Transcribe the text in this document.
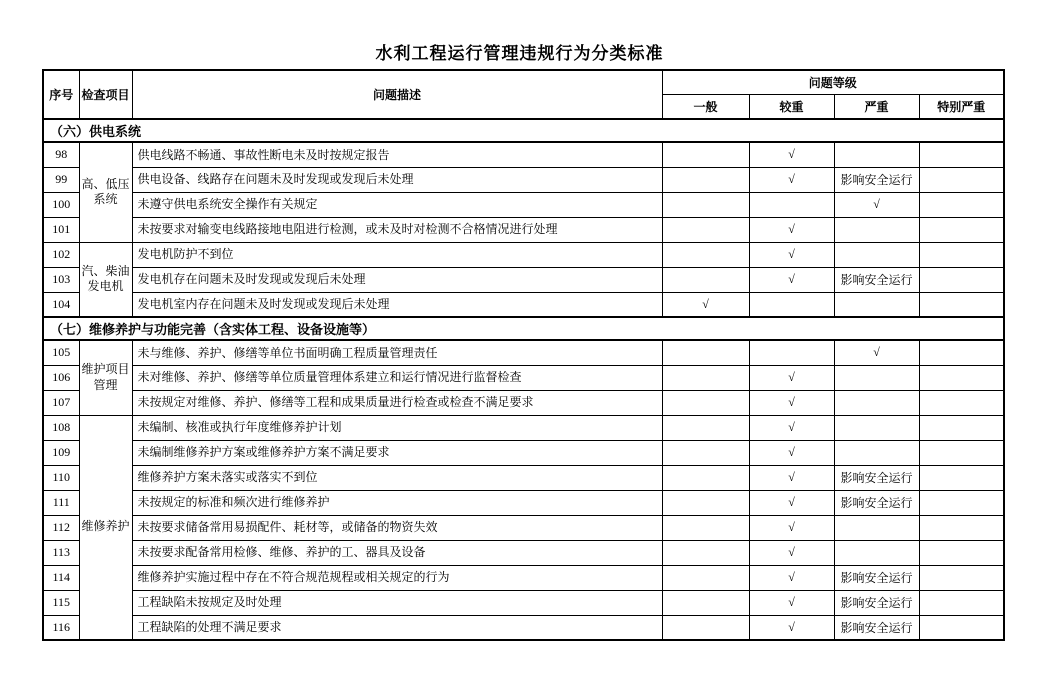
水利工程运行管理违规行为分类标准
序号	检查项目	问题描述	问题等级			
			一般	较重	严重	特别严重
（六）供电系统						
98	高、低压系统	供电线路不畅通、事故性断电未及时按规定报告		√		
99		供电设备、线路存在问题未及时发现或发现后未处理		√	影响安全运行	
100		未遵守供电系统安全操作有关规定			√	
101		未按要求对输变电线路接地电阻进行检测，或未及时对检测不合格情况进行处理		√		
102	汽、柴油发电机	发电机防护不到位		√		
103		发电机存在问题未及时发现或发现后未处理		√	影响安全运行	
104		发电机室内存在问题未及时发现或发现后未处理	√			
（七）维修养护与功能完善（含实体工程、设备设施等）						
105	维护项目管理	未与维修、养护、修缮等单位书面明确工程质量管理责任			√	
106		未对维修、养护、修缮等单位质量管理体系建立和运行情况进行监督检查		√		
107		未按规定对维修、养护、修缮等工程和成果质量进行检查或检查不满足要求		√		
108	维修养护	未编制、核准或执行年度维修养护计划		√		
109		未编制维修养护方案或维修养护方案不满足要求		√		
110		维修养护方案未落实或落实不到位		√	影响安全运行	
111		未按规定的标准和频次进行维修养护		√	影响安全运行	
112		未按要求储备常用易损配件、耗材等，或储备的物资失效		√		
113		未按要求配备常用检修、维修、养护的工、器具及设备		√		
114		维修养护实施过程中存在不符合规范规程或相关规定的行为		√	影响安全运行	
115		工程缺陷未按规定及时处理		√	影响安全运行	
116		工程缺陷的处理不满足要求		√	影响安全运行	
